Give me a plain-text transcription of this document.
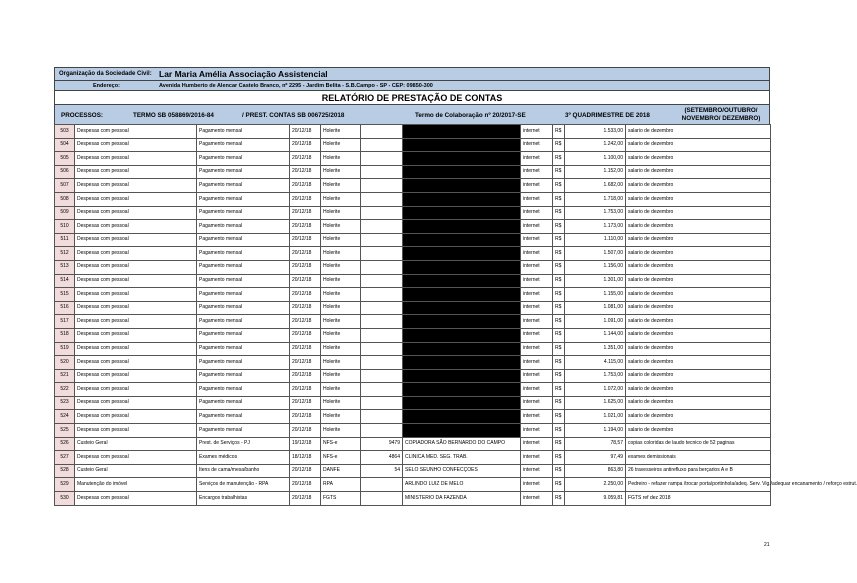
Organização da Sociedade Civil: Lar Maria Amélia Associação Assistencial
Endereço:	Avenida Humberto de Alencar Castelo Branco, nº 2295 - Jardim Belita - S.B.Campo - SP - CEP: 09850-300
RELATÓRIO DE PRESTAÇÃO DE CONTAS
PROCESSOS:	TERMO SB 058869/2016-84	/ PREST. CONTAS SB 006725/2018	Termo de Colaboração nº 20/2017-SE	3º QUADRIMESTRE DE 2018
(SETEMBRO/OUTUBRO/ NOVEMBRO/ DEZEMBRO)
503	Despesas com pessoal	Pagamento mensal	20/12/18	Holerite			internet	R$	1.533,00	salario de dezembro
504	Despesas com pessoal	Pagamento mensal	20/12/18	Holerite			internet	R$	1.242,00	salario de dezembro
505	Despesas com pessoal	Pagamento mensal	20/12/18	Holerite			internet	R$	1.100,00	salario de dezembro
506	Despesas com pessoal	Pagamento mensal	20/12/18	Holerite			internet	R$	1.152,00	salario de dezembro
507	Despesas com pessoal	Pagamento mensal	20/12/18	Holerite			internet	R$	1.682,00	salario de dezembro
508	Despesas com pessoal	Pagamento mensal	20/12/18	Holerite			internet	R$	1.718,00	salario de dezembro
509	Despesas com pessoal	Pagamento mensal	20/12/18	Holerite			internet	R$	1.753,00	salario de dezembro
510	Despesas com pessoal	Pagamento mensal	20/12/18	Holerite			internet	R$	1.173,00	salario de dezembro
511	Despesas com pessoal	Pagamento mensal	20/12/18	Holerite			internet	R$	1.110,00	salario de dezembro
512	Despesas com pessoal	Pagamento mensal	20/12/18	Holerite			internet	R$	1.507,00	salario de dezembro
513	Despesas com pessoal	Pagamento mensal	20/12/18	Holerite			internet	R$	1.156,00	salario de dezembro
514	Despesas com pessoal	Pagamento mensal	20/12/18	Holerite			internet	R$	1.301,00	salario de dezembro
515	Despesas com pessoal	Pagamento mensal	20/12/18	Holerite			internet	R$	1.155,00	salario de dezembro
516	Despesas com pessoal	Pagamento mensal	20/12/18	Holerite			internet	R$	1.081,00	salario de dezembro
517	Despesas com pessoal	Pagamento mensal	20/12/18	Holerite			internet	R$	1.091,00	salario de dezembro
518	Despesas com pessoal	Pagamento mensal	20/12/18	Holerite			internet	R$	1.144,00	salario de dezembro
519	Despesas com pessoal	Pagamento mensal	20/12/18	Holerite			internet	R$	1.351,00	salario de dezembro
520	Despesas com pessoal	Pagamento mensal	20/12/18	Holerite			internet	R$	4.115,00	salario de dezembro
521	Despesas com pessoal	Pagamento mensal	20/12/18	Holerite			internet	R$	1.753,00	salario de dezembro
522	Despesas com pessoal	Pagamento mensal	20/12/18	Holerite			internet	R$	1.072,00	salario de dezembro
523	Despesas com pessoal	Pagamento mensal	20/12/18	Holerite			internet	R$	1.625,00	salario de dezembro
524	Despesas com pessoal	Pagamento mensal	20/12/18	Holerite			internet	R$	1.021,00	salario de dezembro
525	Despesas com pessoal	Pagamento mensal	20/12/18	Holerite			internet	R$	1.194,00	salario de dezembro
526	Custeio Geral	Prest. de Serviços - PJ	19/12/18	NFS-e	9479	COPIADORA SÃO BERNARDO DO CAMPO	internet	R$	78,57	copias coloridas de laudo tecnico de 52 paginas
527	Despesas com pessoal	Exames médicos	18/12/18	NFS-e	4864	CLINICA MED. SEG. TRAB.	internet	R$	97,49	exames demissionais
528	Custeio Geral	Itens de cama/mesa/banho	20/12/18	DANFE	54	SELO SEUNHO CONFECÇOES	internet	R$	863,80	26 travesseiros antirefluxo para berçarios A e B
529	Manutenção do imóvel	Serviços de manutenção - RPA	20/12/18	RPA		ARLINDO LUIZ DE MELO	internet	R$	2.250,00	Pedreiro - refazer rampa /trocar porta/portinhola/adeq. Serv. Vig./adequar encanamento / reforço estrut.
530	Despesas com pessoal	Encargos trabalhistas	20/12/18	FGTS		MINISTERIO DA FAZENDA	internet	R$	9.059,81	FGTS ref dez 2018
21
